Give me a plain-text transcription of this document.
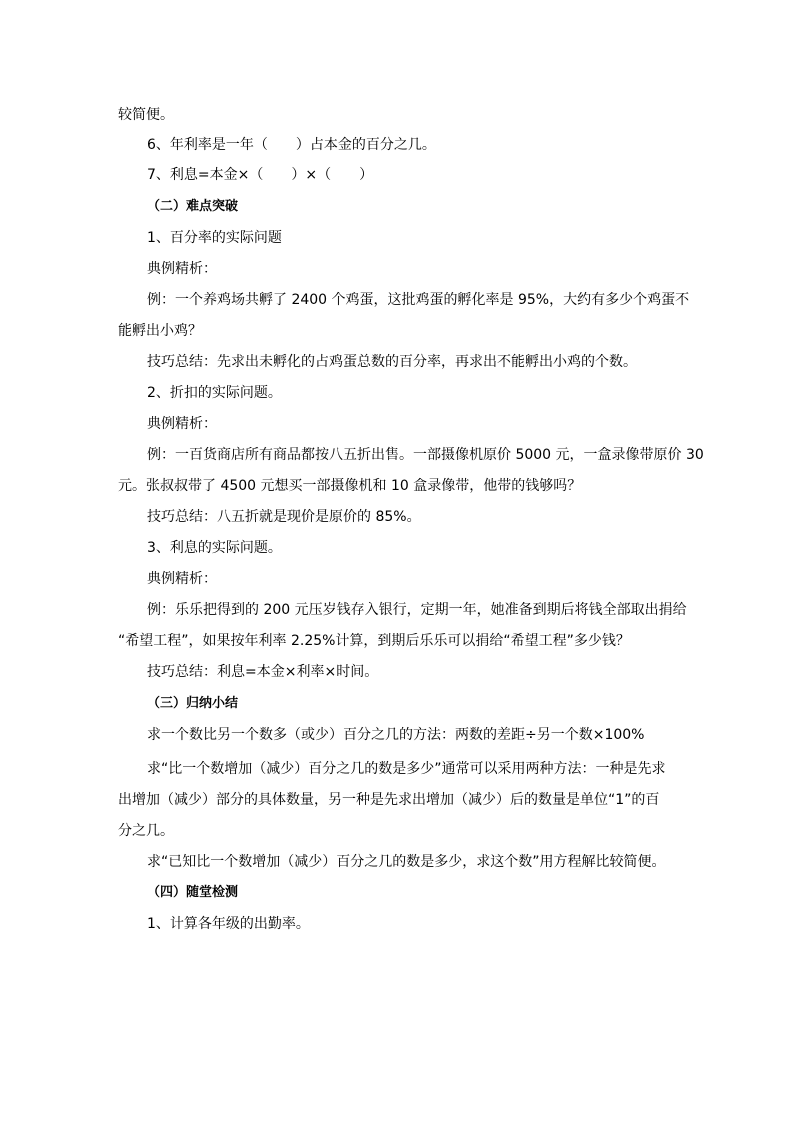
较简便。
6、年利率是一年（　　）占本金的百分之几。
7、利息=本金×（　　）×（　　）
（二）难点突破
1、百分率的实际问题
典例精析：
例：一个养鸡场共孵了 2400 个鸡蛋，这批鸡蛋的孵化率是 95%，大约有多少个鸡蛋不
能孵出小鸡？
技巧总结：先求出未孵化的占鸡蛋总数的百分率，再求出不能孵出小鸡的个数。
2、折扣的实际问题。
典例精析：
例：一百货商店所有商品都按八五折出售。一部摄像机原价 5000 元，一盒录像带原价 30
元。张叔叔带了 4500 元想买一部摄像机和 10 盒录像带，他带的钱够吗？
技巧总结：八五折就是现价是原价的 85%。
3、利息的实际问题。
典例精析：
例：乐乐把得到的 200 元压岁钱存入银行，定期一年，她准备到期后将钱全部取出捐给
“希望工程”，如果按年利率 2.25%计算，到期后乐乐可以捐给“希望工程”多少钱？
技巧总结：利息=本金×利率×时间。
（三）归纳小结
求一个数比另一个数多（或少）百分之几的方法：两数的差距÷另一个数×100%
求“比一个数增加（减少）百分之几的数是多少”通常可以采用两种方法：一种是先求
出增加（减少）部分的具体数量，另一种是先求出增加（减少）后的数量是单位“1”的百
分之几。
求“已知比一个数增加（减少）百分之几的数是多少，求这个数”用方程解比较简便。
（四）随堂检测
1、计算各年级的出勤率。
